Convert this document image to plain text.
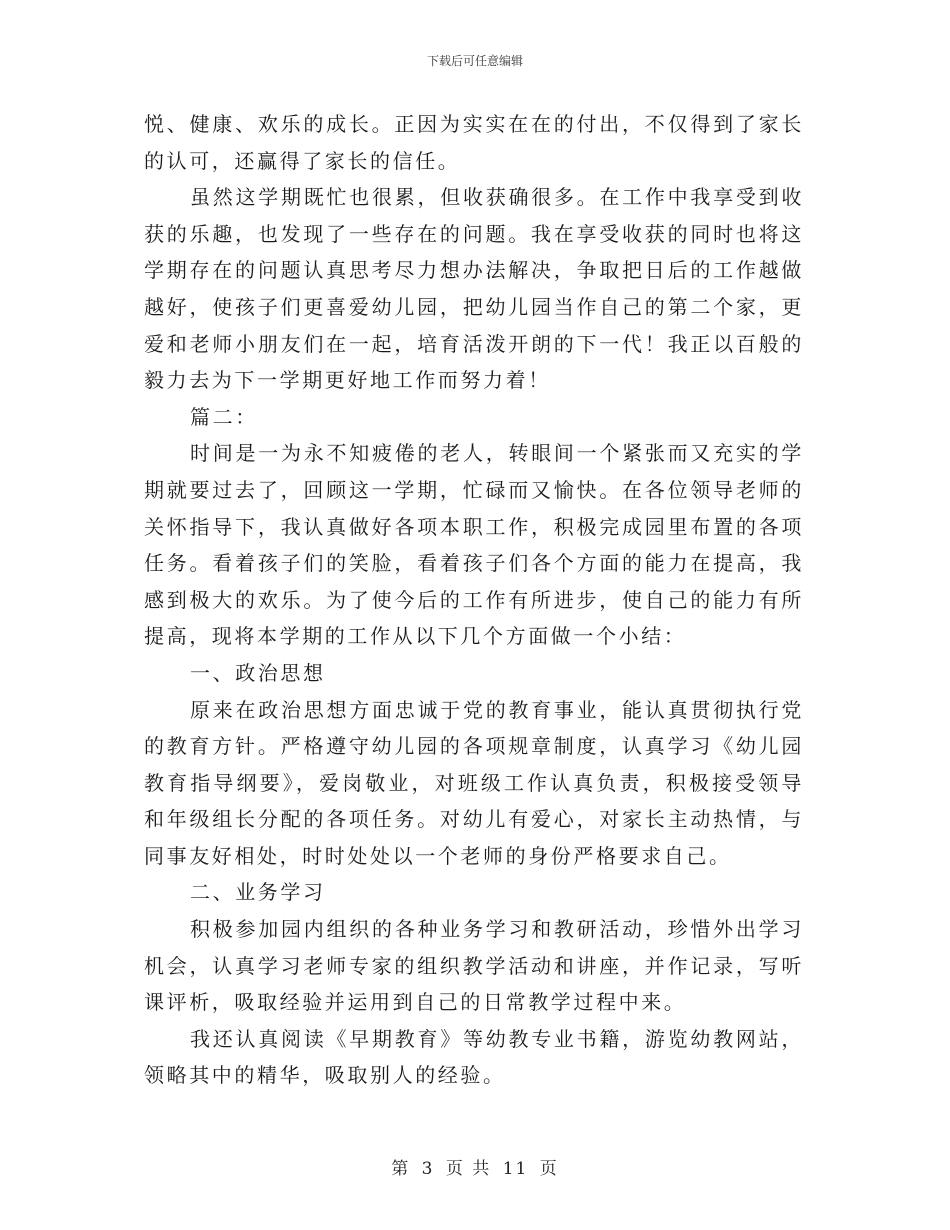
下载后可任意编辑

悦、健康、欢乐的成长。正因为实实在在的付出，不仅得到了家长的认可，还赢得了家长的信任。

虽然这学期既忙也很累，但收获确很多。在工作中我享受到收获的乐趣，也发现了一些存在的问题。我在享受收获的同时也将这学期存在的问题认真思考尽力想办法解决，争取把日后的工作越做越好，使孩子们更喜爱幼儿园，把幼儿园当作自己的第二个家，更爱和老师小朋友们在一起，培育活泼开朗的下一代！我正以百般的毅力去为下一学期更好地工作而努力着！

篇二：

时间是一为永不知疲倦的老人，转眼间一个紧张而又充实的学期就要过去了，回顾这一学期，忙碌而又愉快。在各位领导老师的关怀指导下，我认真做好各项本职工作，积极完成园里布置的各项任务。看着孩子们的笑脸，看着孩子们各个方面的能力在提高，我感到极大的欢乐。为了使今后的工作有所进步，使自己的能力有所提高，现将本学期的工作从以下几个方面做一个小结：

一、政治思想

原来在政治思想方面忠诚于党的教育事业，能认真贯彻执行党的教育方针。严格遵守幼儿园的各项规章制度，认真学习《幼儿园教育指导纲要》，爱岗敬业，对班级工作认真负责，积极接受领导和年级组长分配的各项任务。对幼儿有爱心，对家长主动热情，与同事友好相处，时时处处以一个老师的身份严格要求自己。

二、业务学习

积极参加园内组织的各种业务学习和教研活动，珍惜外出学习机会，认真学习老师专家的组织教学活动和讲座，并作记录，写听课评析，吸取经验并运用到自己的日常教学过程中来。

我还认真阅读《早期教育》等幼教专业书籍，游览幼教网站，领略其中的精华，吸取别人的经验。

第 3 页 共 11 页
